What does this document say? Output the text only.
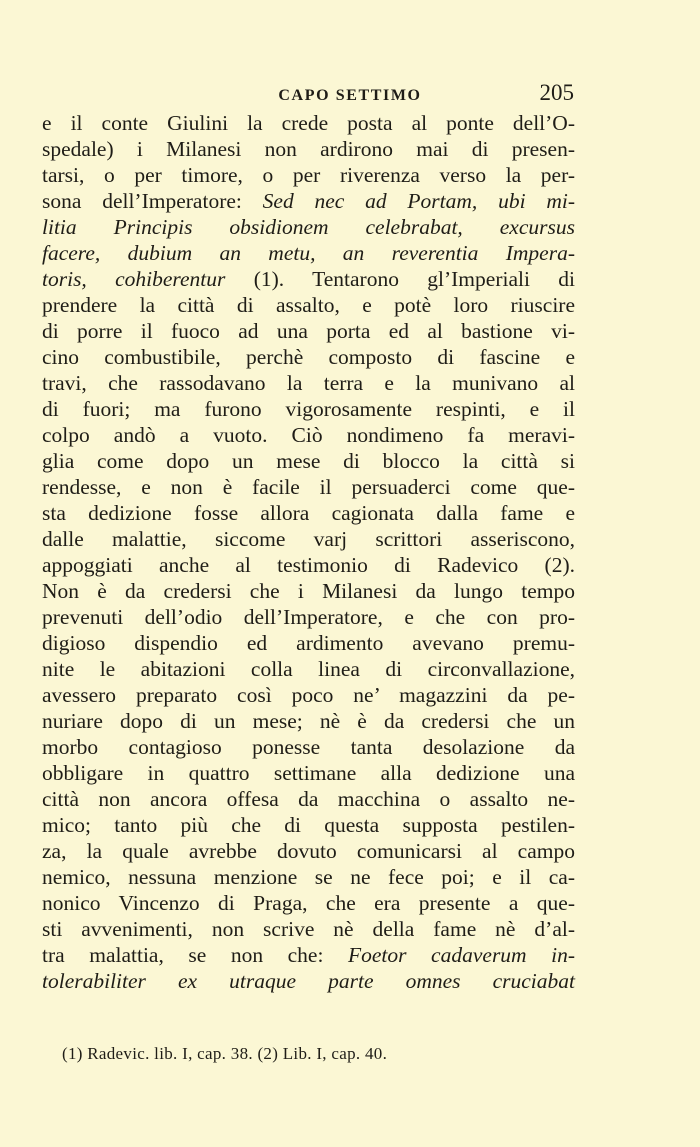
CAPO SETTIMO	205
e il conte Giulini la crede posta al ponte dell’O-
spedale) i Milanesi non ardirono mai di presen-
tarsi, o per timore, o per riverenza verso la per-
sona dell’Imperatore: Sed nec ad Portam, ubi mi-
litia Principis obsidionem celebrabat, excursus
facere, dubium an metu, an reverentia Impera-
toris, cohiberentur (1). Tentarono gl’Imperiali di
prendere la città di assalto, e potè loro riuscire
di porre il fuoco ad una porta ed al bastione vi-
cino combustibile, perchè composto di fascine e
travi, che rassodavano la terra e la munivano al
di fuori; ma furono vigorosamente respinti, e il
colpo andò a vuoto. Ciò nondimeno fa meravi-
glia come dopo un mese di blocco la città si
rendesse, e non è facile il persuaderci come que-
sta dedizione fosse allora cagionata dalla fame e
dalle malattie, siccome varj scrittori asseriscono,
appoggiati anche al testimonio di Radevico (2).
Non è da credersi che i Milanesi da lungo tempo
prevenuti dell’odio dell’Imperatore, e che con pro-
digioso dispendio ed ardimento avevano premu-
nite le abitazioni colla linea di circonvallazione,
avessero preparato così poco ne’ magazzini da pe-
nuriare dopo di un mese; nè è da credersi che un
morbo contagioso ponesse tanta desolazione da
obbligare in quattro settimane alla dedizione una
città non ancora offesa da macchina o assalto ne-
mico; tanto più che di questa supposta pestilen-
za, la quale avrebbe dovuto comunicarsi al campo
nemico, nessuna menzione se ne fece poi; e il ca-
nonico Vincenzo di Praga, che era presente a que-
sti avvenimenti, non scrive nè della fame nè d’al-
tra malattia, se non che: Foetor cadaverum in-
tolerabiliter ex utraque parte omnes cruciabat
(1) Radevic. lib. I, cap. 38. (2) Lib. I, cap. 40.
